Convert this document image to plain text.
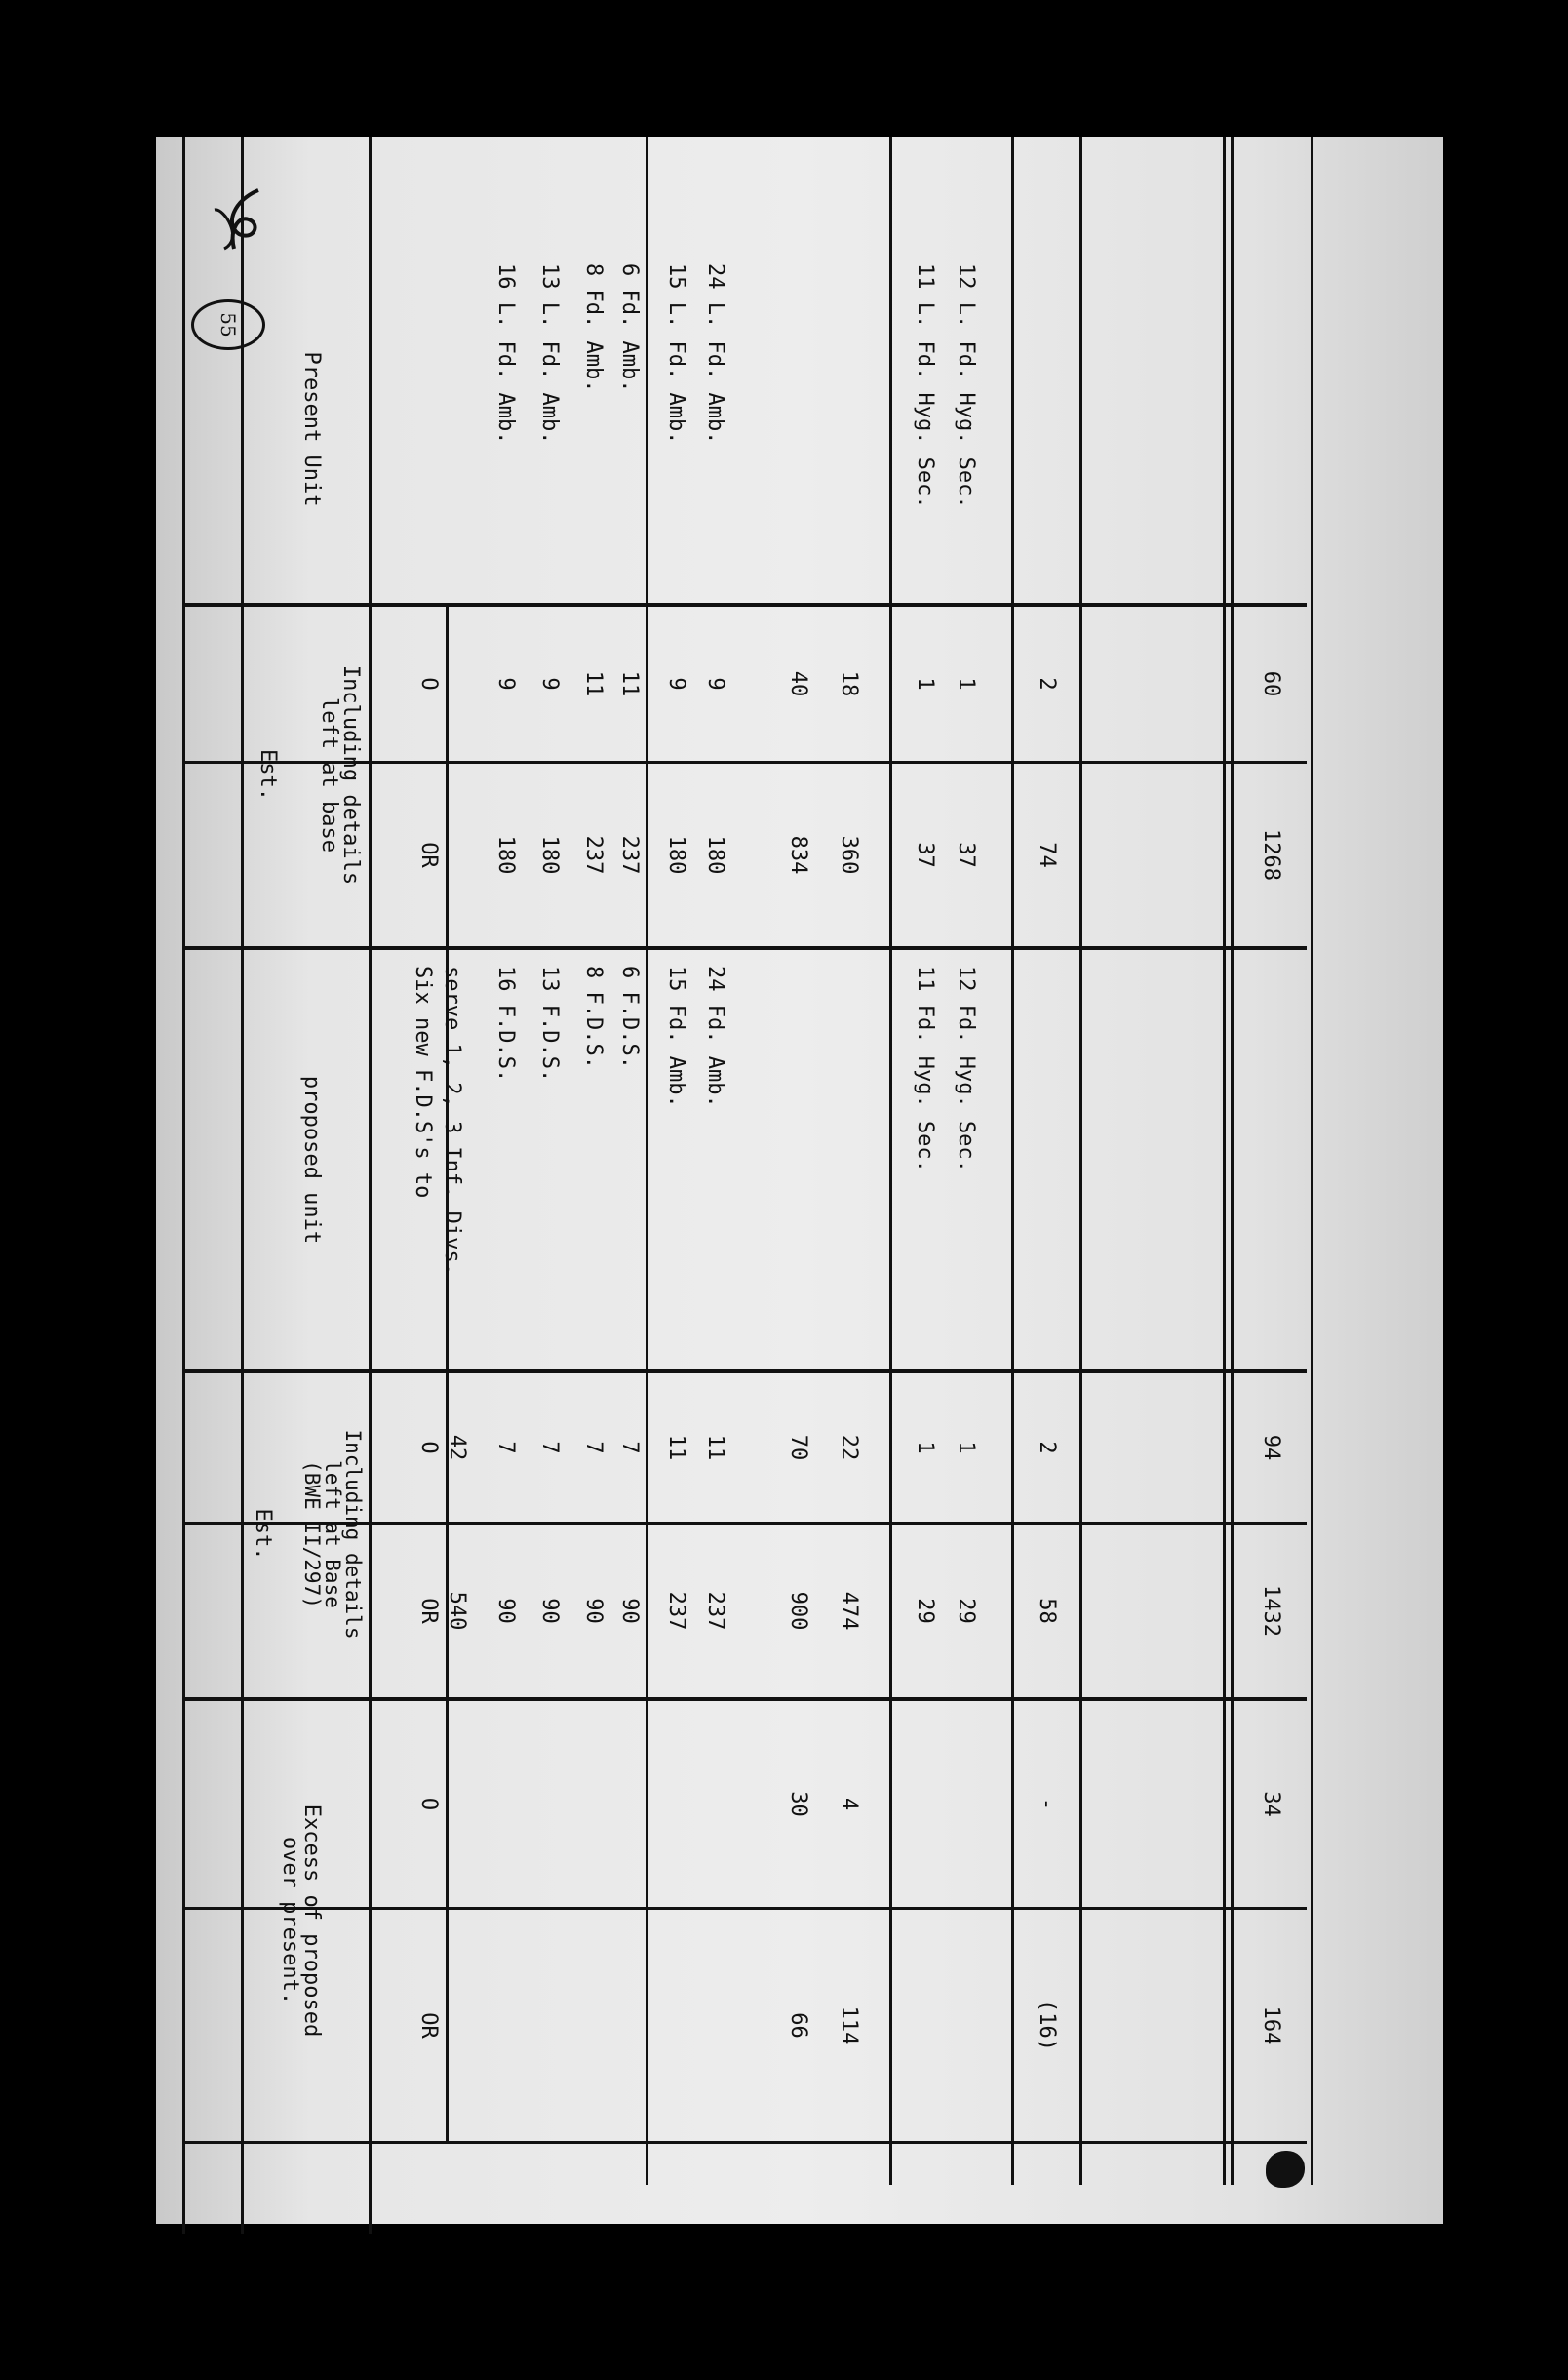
55
Present Unit
Est.	Including details
left at base
O
OR
proposed unit
Est.	Including details
left at Base
(BWE II/297)
O
OR
Excess of proposed
over present.
O
OR
16 L. Fd. Amb.
9
180
16 F.D.S.
7
90
13 L. Fd. Amb.
9
180
13 F.D.S.
7
90
8 Fd. Amb.
11
237
8 F.D.S.
7
90
6 Fd. Amb.
11
237
6 F.D.S.
7
90
Six new F.D.S's to serve 1, 2, 3 Inf. Divs.
42
540
40
834
70
900
30
66
15 L. Fd. Amb.
9
180
15 Fd. Amb.
11
237
24 L. Fd. Amb.
9
180
24 Fd. Amb.
11
237
18
360
22
474
4
114
11 L. Fd. Hyg. Sec.
1
37
11 Fd. Hyg. Sec.
1
29
12 L. Fd. Hyg. Sec.
1
37
12 Fd. Hyg. Sec.
1
29
2
74
2
58
-
(16)
60
1268
94
1432
34
164
